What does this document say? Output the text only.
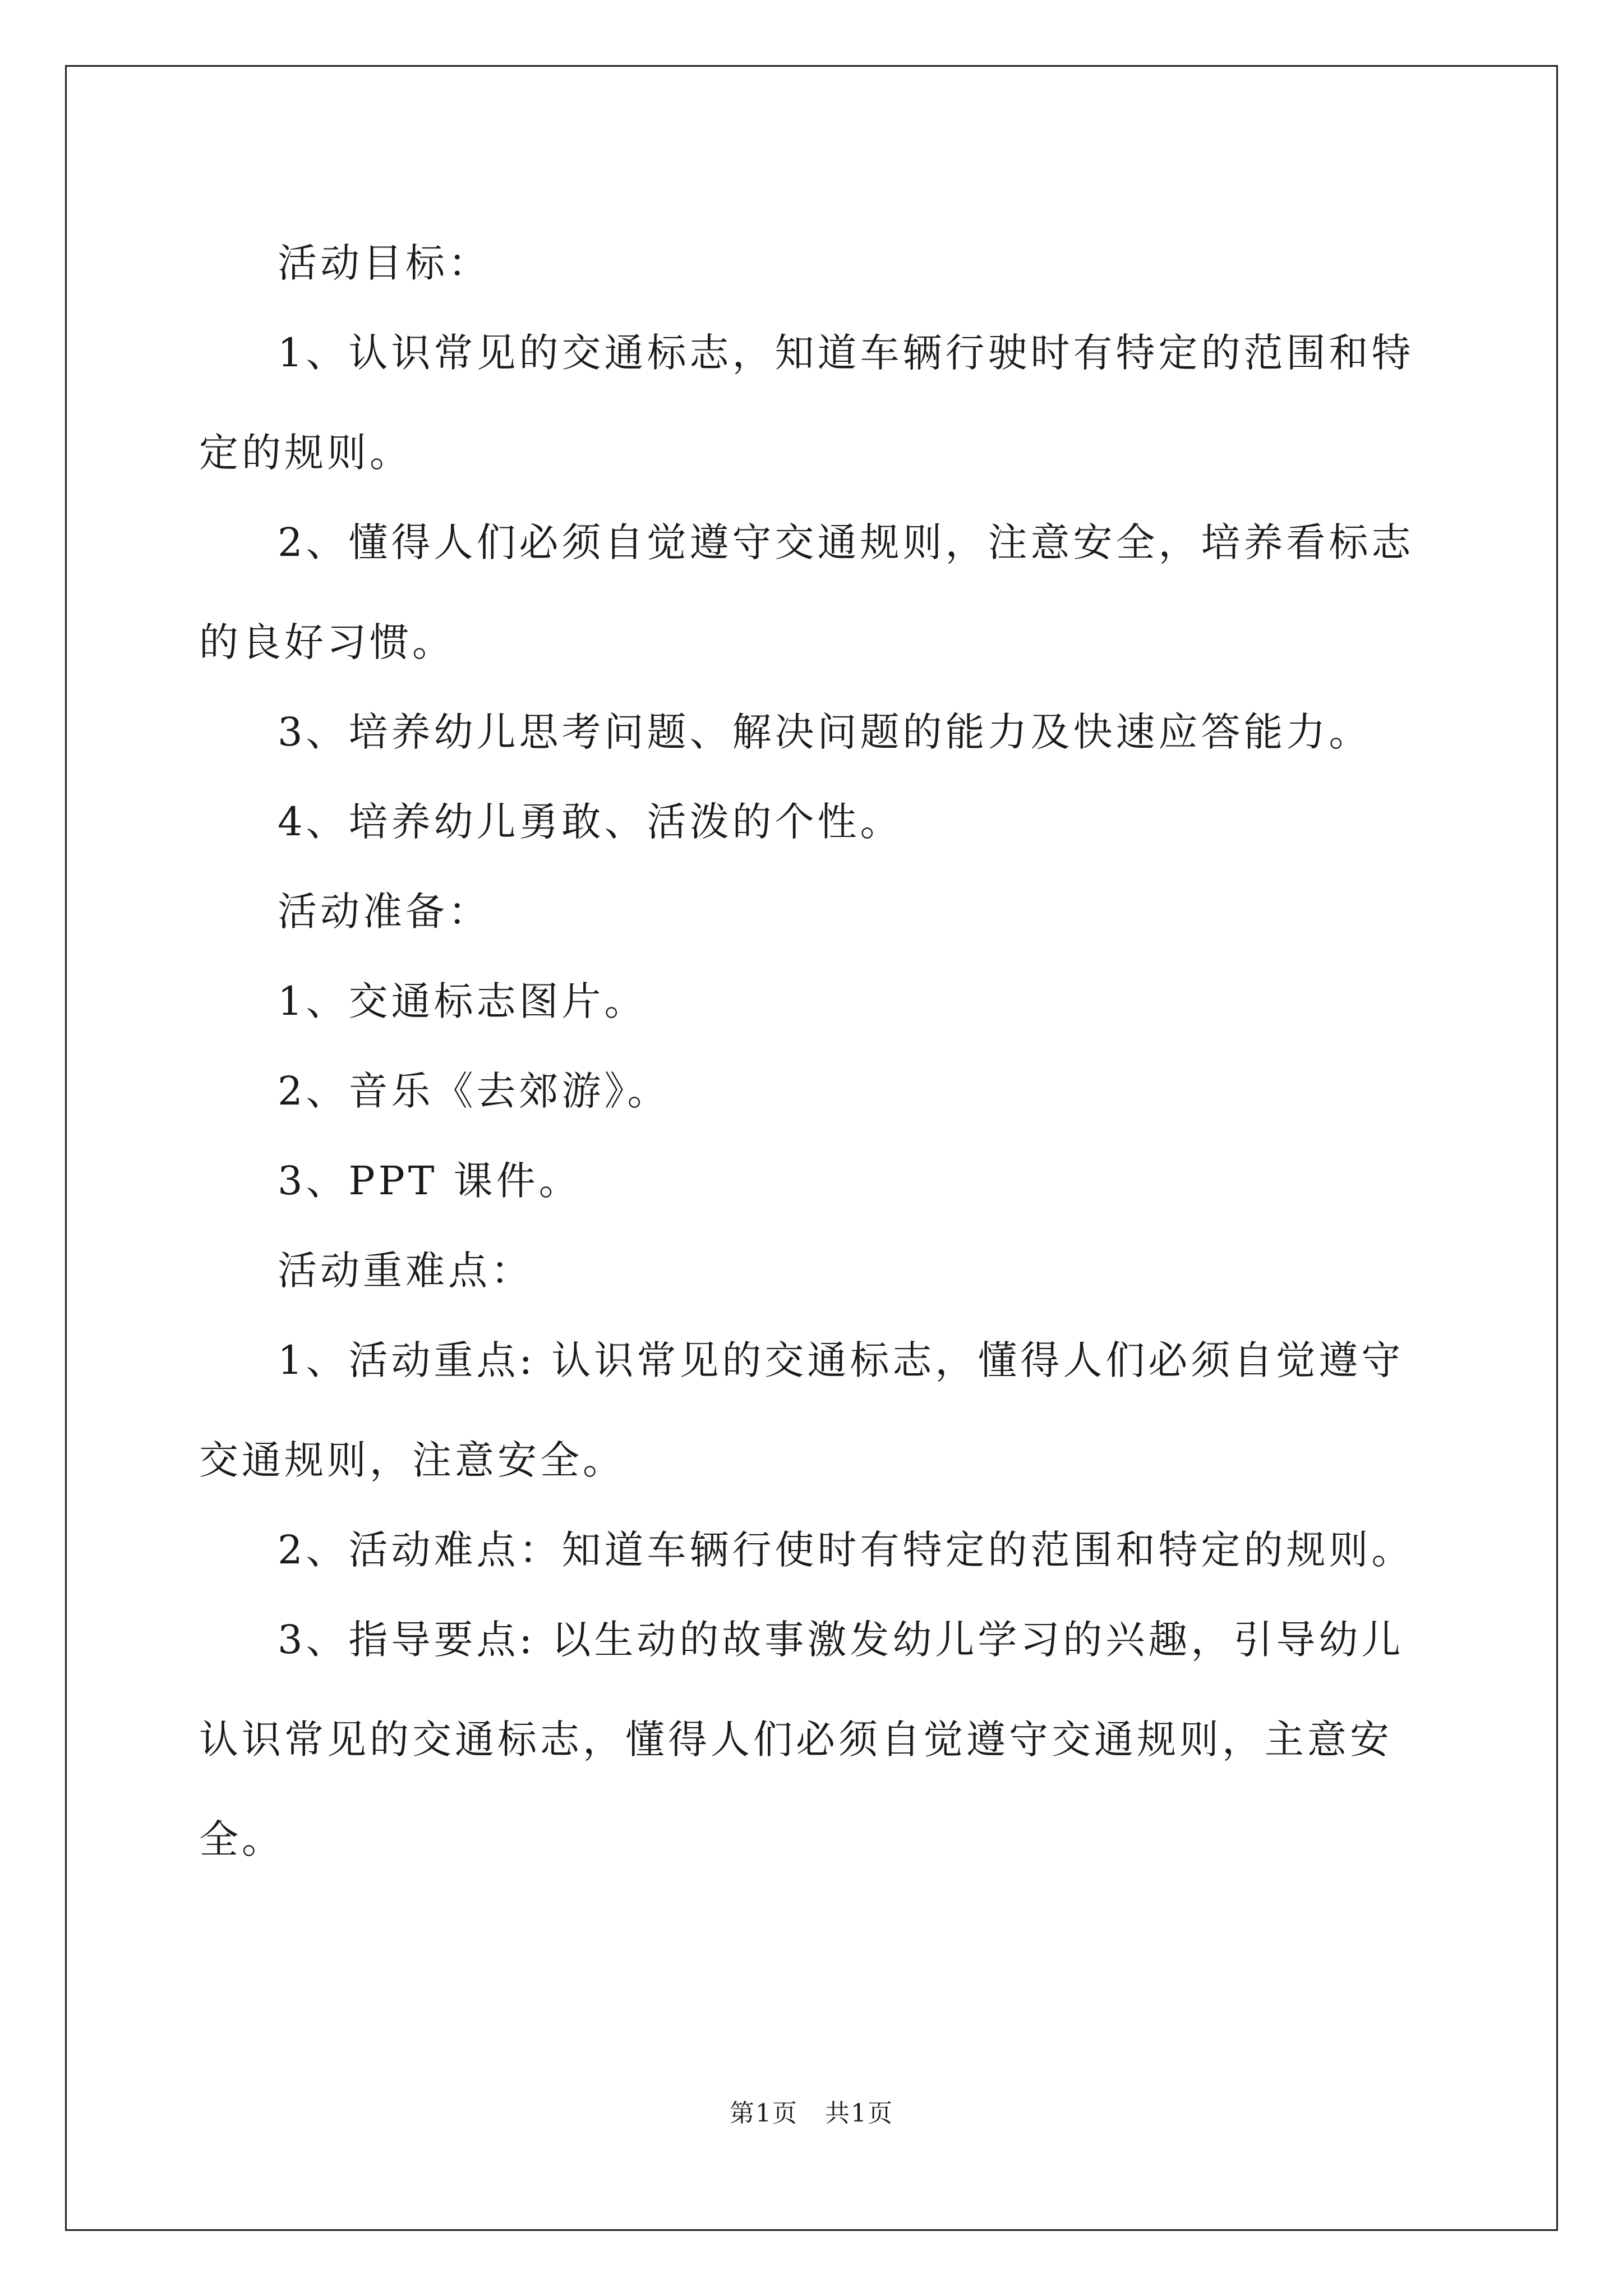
活动目标：

1、认识常见的交通标志，知道车辆行驶时有特定的范围和特定的规则。

2、懂得人们必须自觉遵守交通规则，注意安全，培养看标志的良好习惯。

3、培养幼儿思考问题、解决问题的能力及快速应答能力。

4、培养幼儿勇敢、活泼的个性。

活动准备：

1、交通标志图片。

2、音乐《去郊游》。

3、PPT 课件。

活动重难点：

1、活动重点: 认识常见的交通标志，懂得人们必须自觉遵守交通规则，注意安全。

2、活动难点：知道车辆行使时有特定的范围和特定的规则。

3、指导要点: 以生动的故事激发幼儿学习的兴趣，引导幼儿认识常见的交通标志，懂得人们必须自觉遵守交通规则，主意安全。

第1页 共1页
